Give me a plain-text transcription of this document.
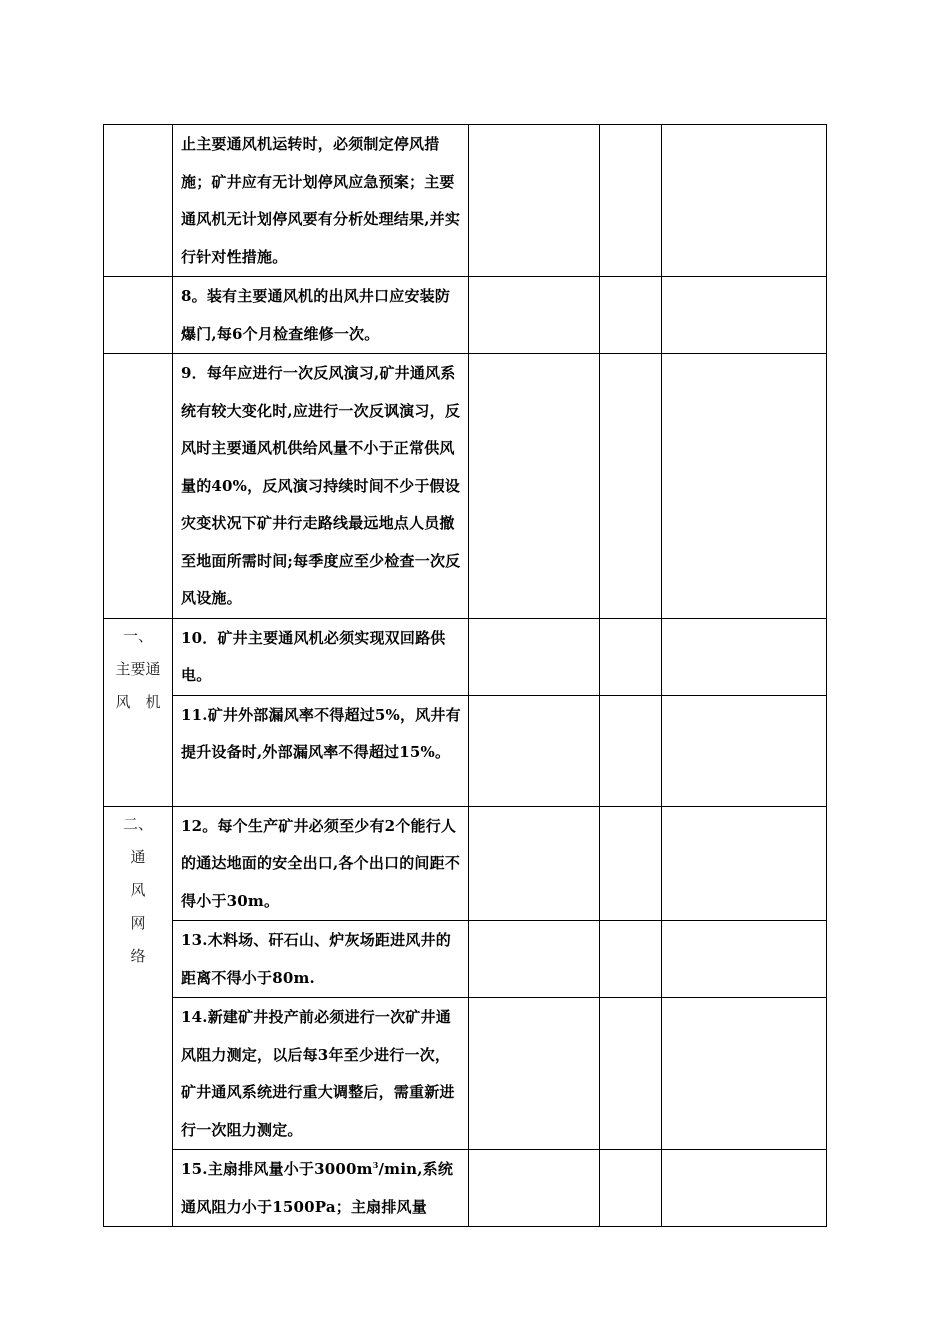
	止主要通风机运转时，必须制定停风措施；矿井应有无计划停风应急预案；主要通风机无计划停风要有分析处理结果,并实行针对性措施。			

	8。装有主要通风机的出风井口应安装防爆门,每6个月检查维修一次。			

	9．每年应进行一次反风演习,矿井通风系统有较大变化时,应进行一次反讽演习，反风时主要通风机供给风量不小于正常供风量的40%，反风演习持续时间不少于假设灾变状况下矿井行走路线最远地点人员撤至地面所需时间;每季度应至少检查一次反风设施。			

一、
主要通
风　机	10．矿井主要通风机必须实现双回路供电。			

	11.矿井外部漏风率不得超过5%，风井有提升设备时,外部漏风率不得超过15%。			

二、
通
风
网
络	12。每个生产矿井必须至少有2个能行人的通达地面的安全出口,各个出口的间距不得小于30m。			

	13.木料场、矸石山、炉灰场距进风井的距离不得小于80m.			

	14.新建矿井投产前必须进行一次矿井通风阻力测定，以后每3年至少进行一次，矿井通风系统进行重大调整后，需重新进行一次阻力测定。			

	15.主扇排风量小于$3000m^3/\min$,系统通风阻力小于1500Pa；主扇排风量			
